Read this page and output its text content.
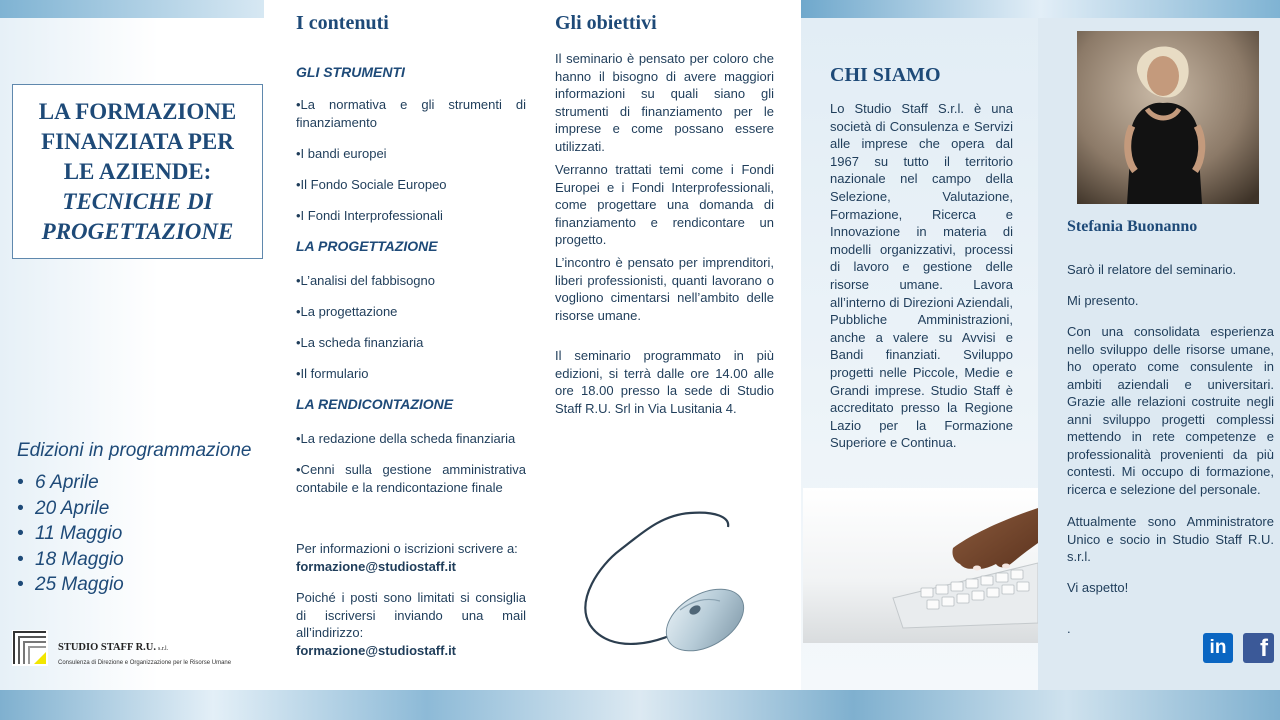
LA FORMAZIONE
FINANZIATA PER
LE AZIENDE:
TECNICHE DI
PROGETTAZIONE
Edizioni in programmazione
• 6 Aprile
• 20 Aprile
• 11 Maggio
• 18 Maggio
• 25 Maggio
STUDIO STAFF R.U. s.r.l.
Consulenza di Direzione e Organizzazione per le Risorse Umane
I contenuti
GLI STRUMENTI
•La normativa e gli strumenti di finanziamento
•I bandi europei
•Il Fondo Sociale Europeo
•I Fondi Interprofessionali
LA PROGETTAZIONE
•L’analisi del fabbisogno
•La progettazione
•La scheda finanziaria
•Il formulario
LA RENDICONTAZIONE
•La redazione della scheda finanziaria
•Cenni sulla gestione amministrativa contabile e la rendicontazione finale
Per informazioni o iscrizioni scrivere a:
formazione@studiostaff.it
Poiché i posti sono limitati si consiglia di iscriversi inviando una mail all’indirizzo:
formazione@studiostaff.it
Gli obiettivi
Il seminario è pensato per coloro che hanno il bisogno di avere maggiori informazioni su quali siano gli strumenti di finanziamento per le imprese e come possano essere utilizzati.
Verranno trattati temi come i Fondi Europei e i Fondi Interprofessionali, come progettare una domanda di finanziamento e rendicontare un progetto.
L’incontro è pensato per imprenditori, liberi professionisti, quanti lavorano o vogliono cimentarsi nell’ambito delle risorse umane.
Il seminario programmato in più edizioni, si terrà dalle ore 14.00 alle ore 18.00 presso la sede di Studio Staff R.U. Srl in Via Lusitania 4.
CHI SIAMO
Lo Studio Staff S.r.l. è una società di Consulenza e Servizi alle imprese che opera dal 1967 su tutto il territorio nazionale nel campo della Selezione, Valutazione, Formazione, Ricerca e Innovazione in materia di modelli organizzativi, processi di lavoro e gestione delle risorse umane. Lavora all’interno di Direzioni Aziendali, Pubbliche Amministrazioni, anche a valere su Avvisi e Bandi finanziati. Sviluppo progetti nelle Piccole, Medie e Grandi imprese. Studio Staff è accreditato presso la Regione Lazio per la Formazione Superiore e Continua.
Stefania Buonanno
Sarò il relatore del seminario.
Mi presento.
Con una consolidata esperienza nello sviluppo delle risorse umane, ho operato come consulente in ambiti aziendali e universitari. Grazie alle relazioni costruite negli anni sviluppo progetti complessi mettendo in rete competenze e professionalità provenienti da più contesti. Mi occupo di formazione, ricerca e selezione del personale.
Attualmente sono Amministratore Unico e socio in Studio Staff R.U. s.r.l.
Vi aspetto!
.
in	f
